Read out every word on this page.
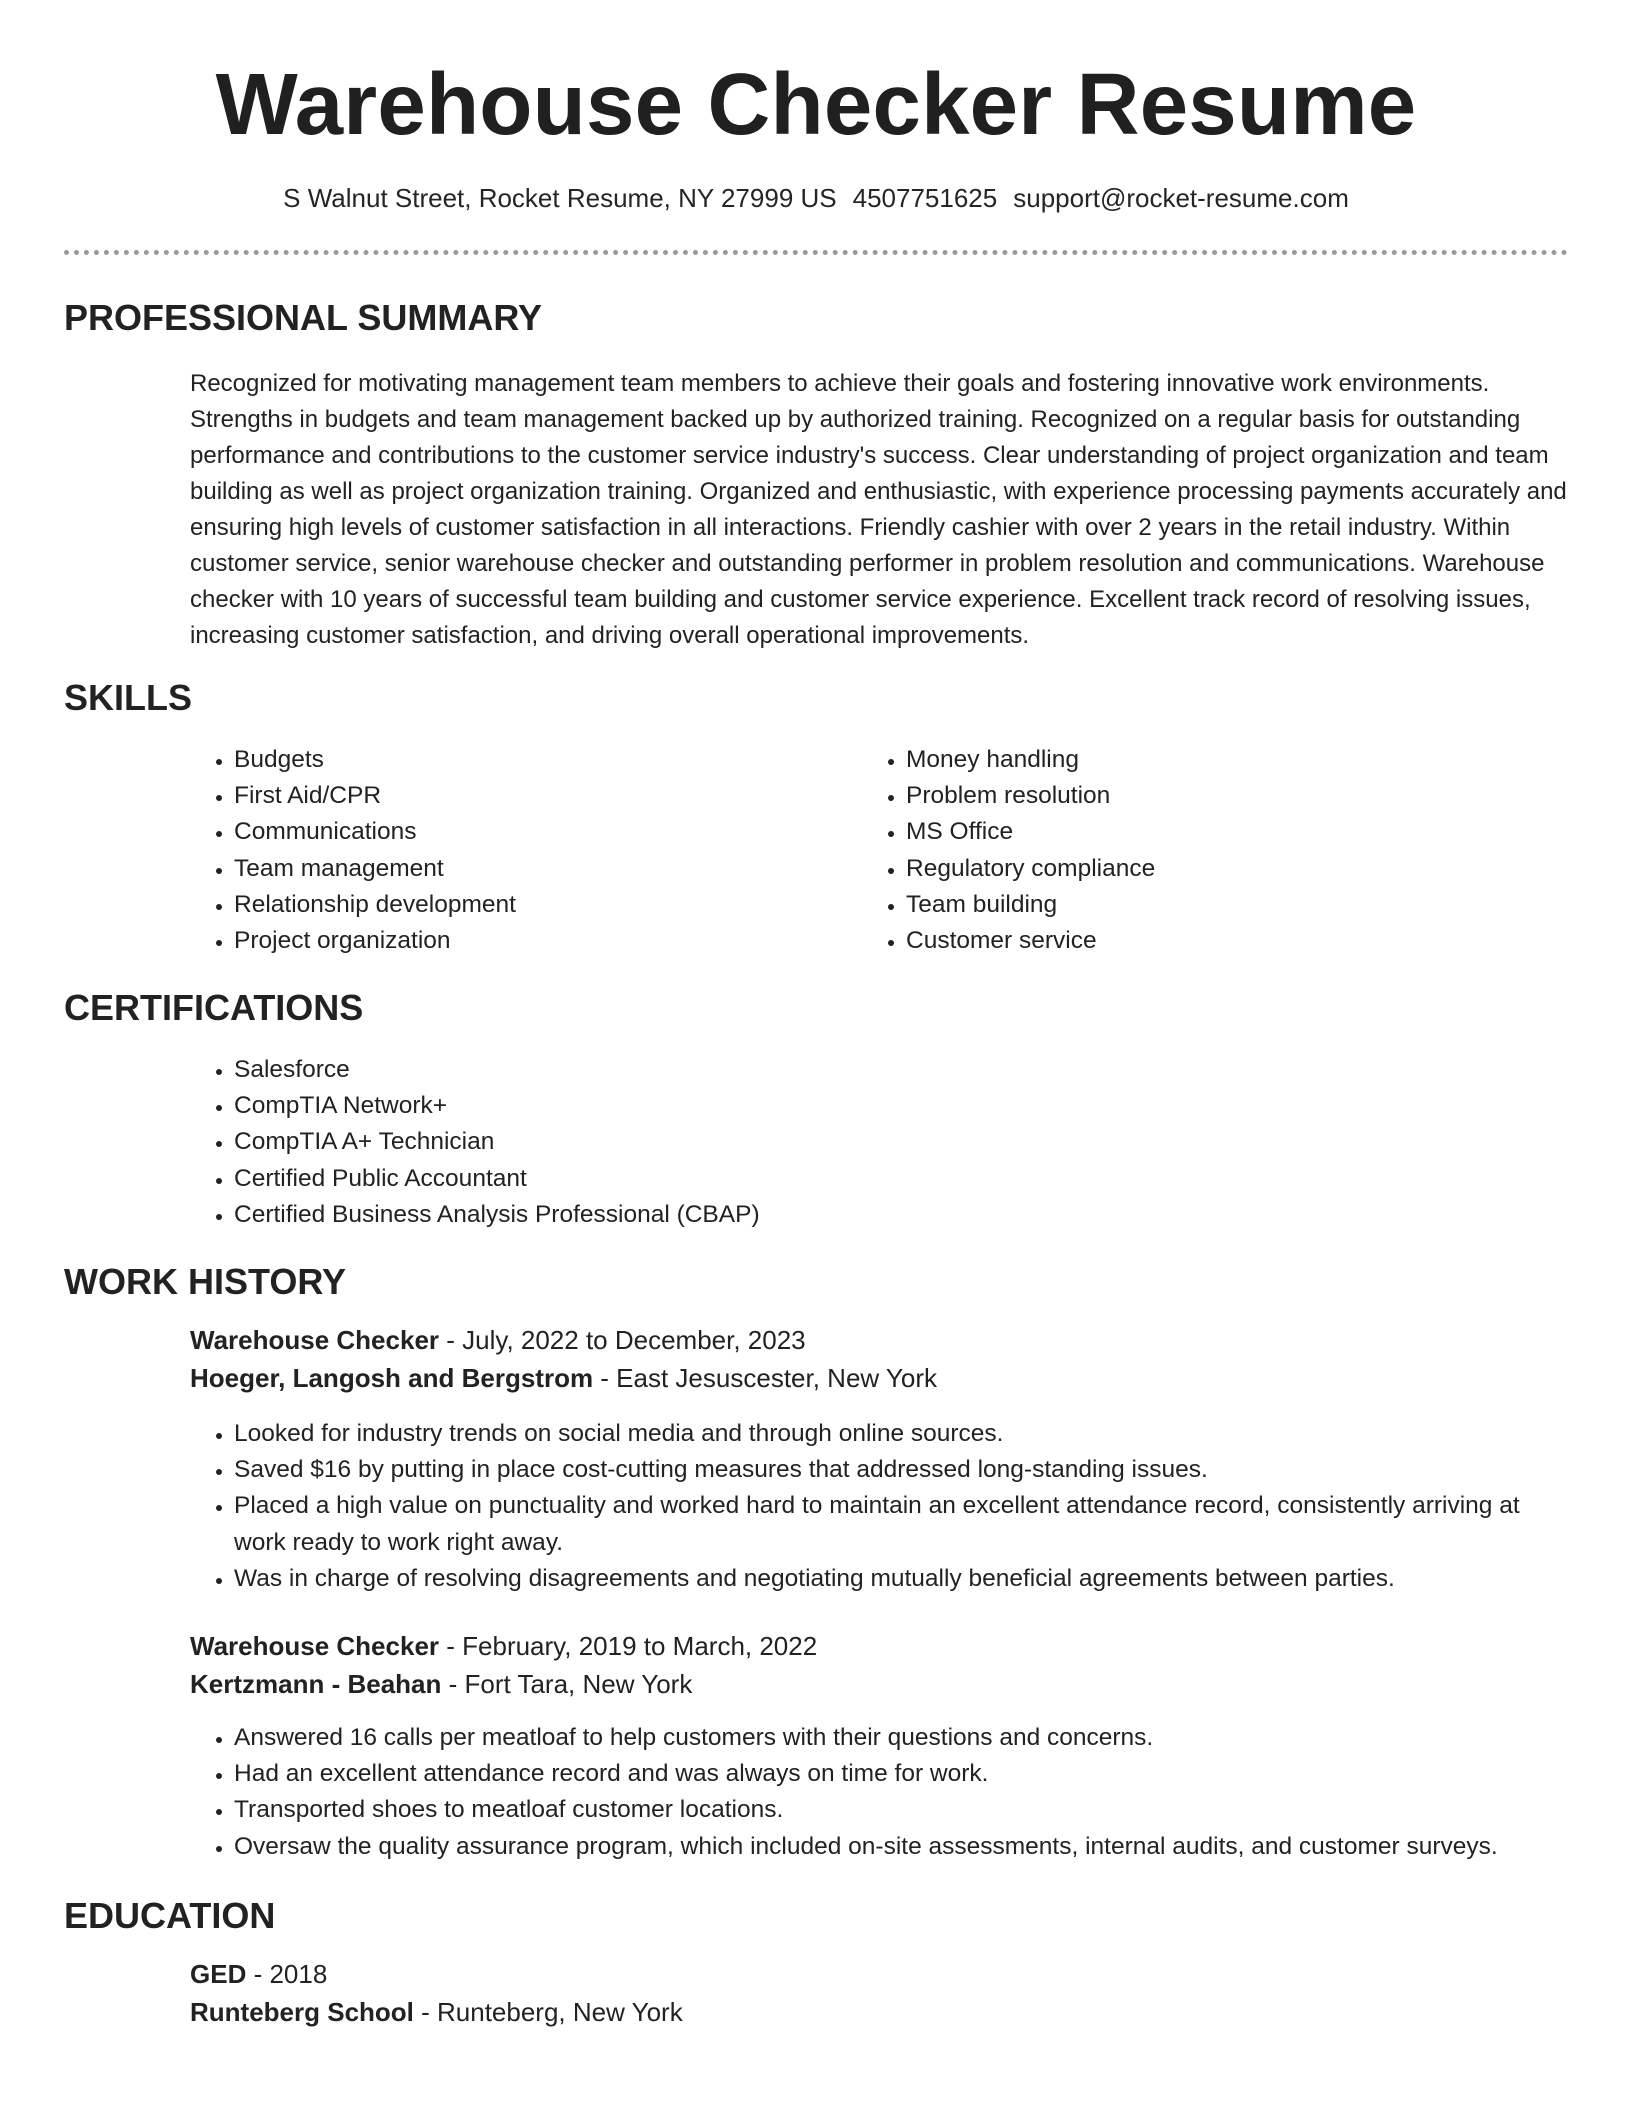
Warehouse Checker Resume
S Walnut Street, Rocket Resume, NY 27999 US 4507751625 support@rocket-resume.com
PROFESSIONAL SUMMARY

Recognized for motivating management team members to achieve their goals and fostering innovative work environments. Strengths in budgets and team management backed up by authorized training. Recognized on a regular basis for outstanding performance and contributions to the customer service industry's success. Clear understanding of project organization and team building as well as project organization training. Organized and enthusiastic, with experience processing payments accurately and ensuring high levels of customer satisfaction in all interactions. Friendly cashier with over 2 years in the retail industry. Within customer service, senior warehouse checker and outstanding performer in problem resolution and communications. Warehouse checker with 10 years of successful team building and customer service experience. Excellent track record of resolving issues, increasing customer satisfaction, and driving overall operational improvements.

SKILLS
• Budgets
• First Aid/CPR
• Communications
• Team management
• Relationship development
• Project organization
• Money handling
• Problem resolution
• MS Office
• Regulatory compliance
• Team building
• Customer service
CERTIFICATIONS
• Salesforce
• CompTIA Network+
• CompTIA A+ Technician
• Certified Public Accountant
• Certified Business Analysis Professional (CBAP)
WORK HISTORY
Warehouse Checker - July, 2022 to December, 2023
Hoeger, Langosh and Bergstrom - East Jesuscester, New York
• Looked for industry trends on social media and through online sources.
• Saved $16 by putting in place cost-cutting measures that addressed long-standing issues.
• Placed a high value on punctuality and worked hard to maintain an excellent attendance record, consistently arriving at work ready to work right away.
• Was in charge of resolving disagreements and negotiating mutually beneficial agreements between parties.
Warehouse Checker - February, 2019 to March, 2022
Kertzmann - Beahan - Fort Tara, New York
• Answered 16 calls per meatloaf to help customers with their questions and concerns.
• Had an excellent attendance record and was always on time for work.
• Transported shoes to meatloaf customer locations.
• Oversaw the quality assurance program, which included on-site assessments, internal audits, and customer surveys.
EDUCATION
GED - 2018
Runteberg School - Runteberg, New York
